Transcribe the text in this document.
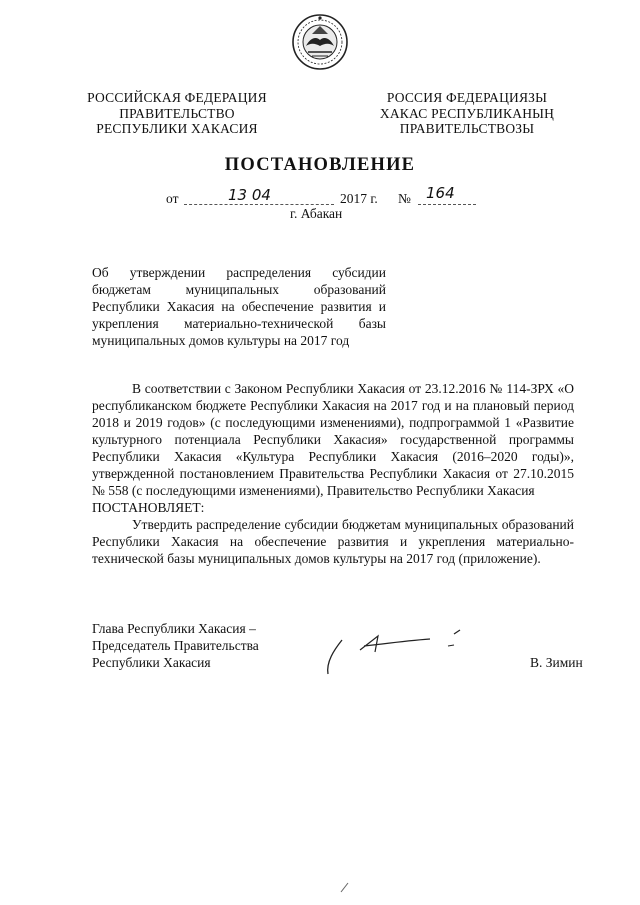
РОССИЙСКАЯ ФЕДЕРАЦИЯ
ПРАВИТЕЛЬСТВО
РЕСПУБЛИКИ ХАКАСИЯ
РОССИЯ ФЕДЕРАЦИЯЗЫ
ХАКАС РЕСПУБЛИКАНЫҢ
ПРАВИТЕЛЬСТВОЗЫ
ПОСТАНОВЛЕНИЕ
от	13 04	2017 г. № 164
г. Абакан
Об утверждении распределения субсидии бюджетам муниципальных образований Республики Хакасия на обеспечение развития и укрепления материально-технической базы муниципальных домов культуры на 2017 год

В соответствии с Законом Республики Хакасия от 23.12.2016 № 114-ЗРХ «О республиканском бюджете Республики Хакасия на 2017 год и на плановый период 2018 и 2019 годов» (с последующими изменениями), подпрограммой 1 «Развитие культурного потенциала Республики Хакасия» государственной программы Республики Хакасия «Культура Республики Хакасия (2016–2020 годы)», утвержденной постановлением Правительства Республики Хакасия от 27.10.2015 № 558 (с последующими изменениями), Правительство Республики Хакасия

ПОСТАНОВЛЯЕТ:

Утвердить распределение субсидии бюджетам муниципальных образований Республики Хакасия на обеспечение развития и укрепления материально-технической базы муниципальных домов культуры на 2017 год (приложение).

Глава Республики Хакасия –
Председатель Правительства
Республики Хакасия	В. Зимин
